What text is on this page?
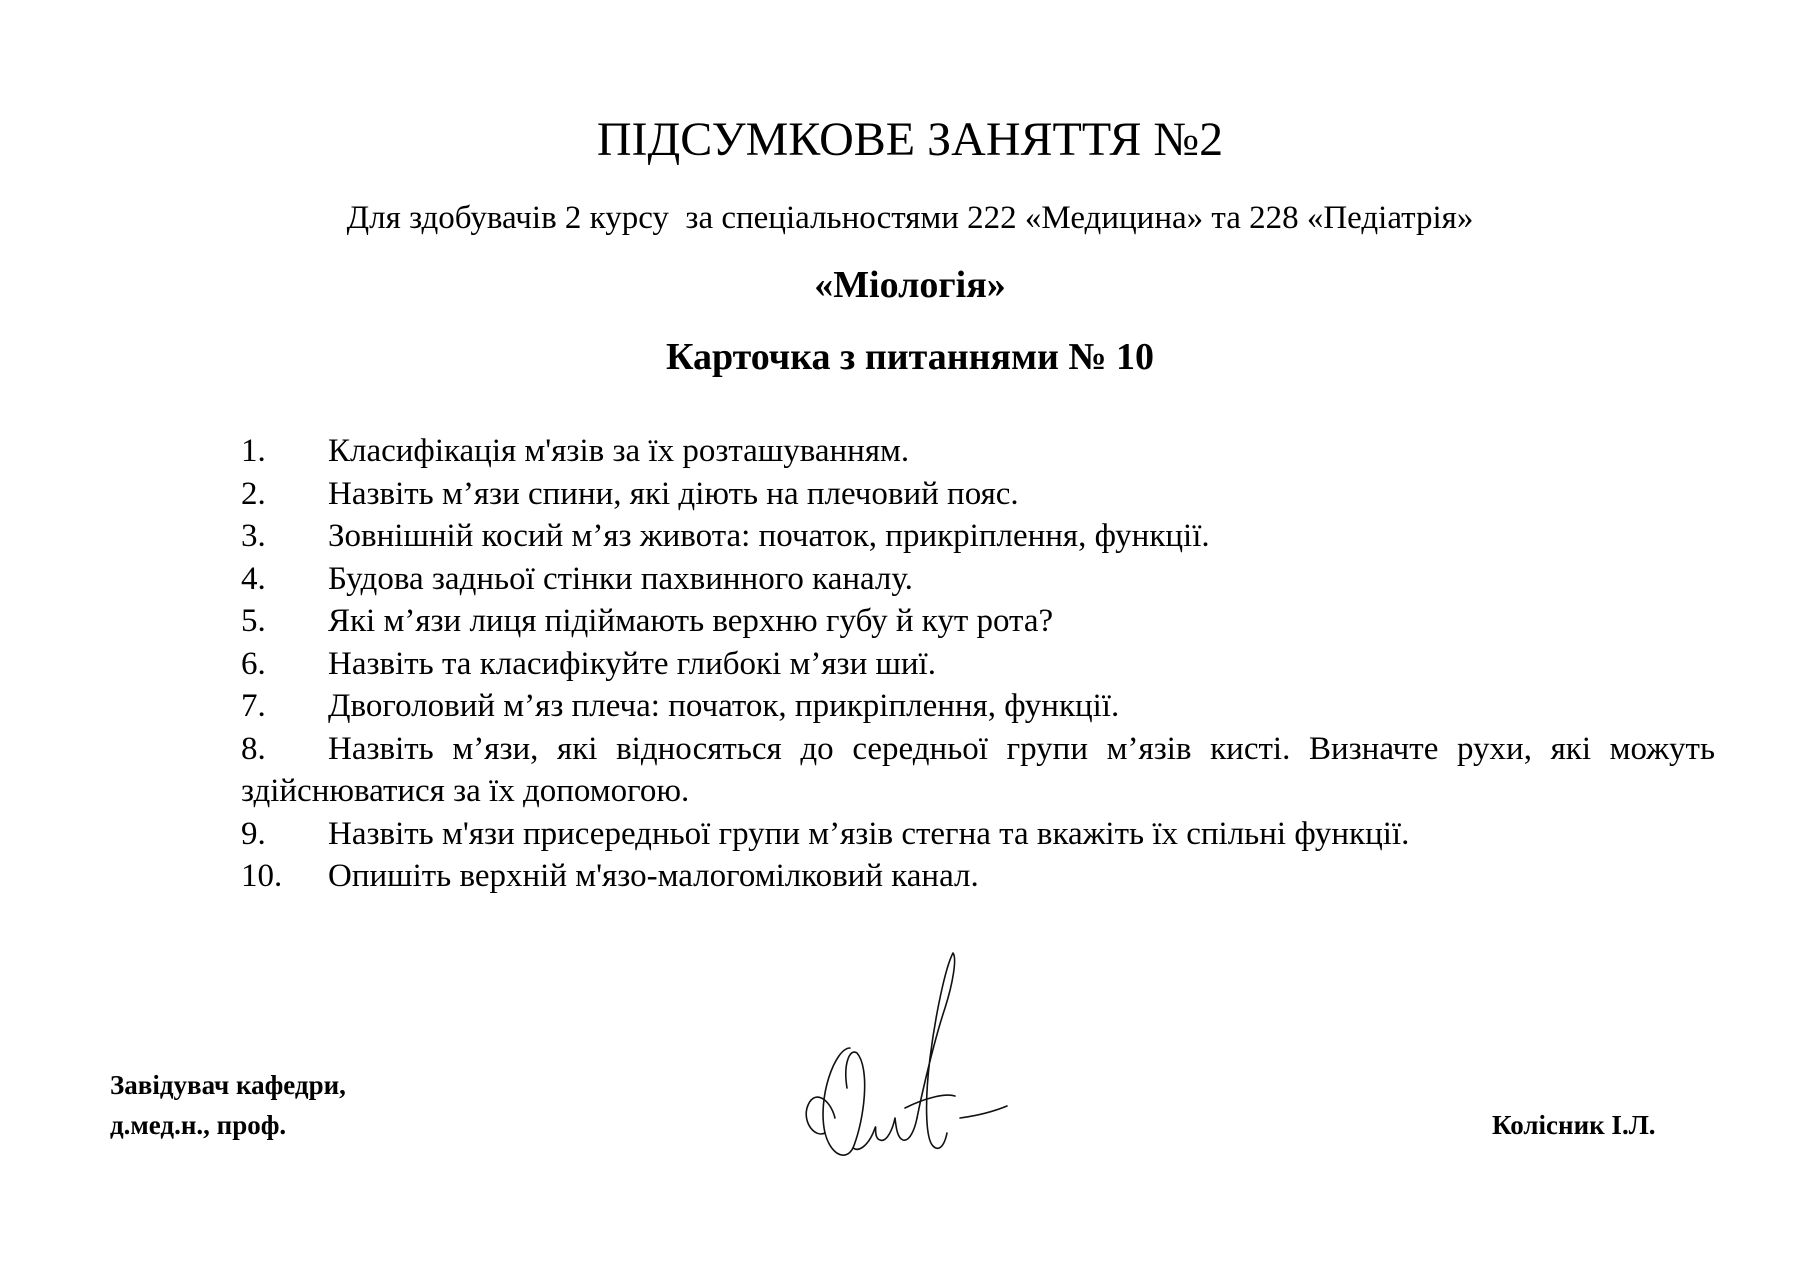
ПІДСУМКОВЕ ЗАНЯТТЯ №2
Для здобувачів 2 курсу  за спеціальностями 222 «Медицина» та 228 «Педіатрія»
«Міологія»
Карточка з питаннями № 10
1. Класифікація м'язів за їх розташуванням.
2. Назвіть м’язи спини, які діють на плечовий пояс.
3. Зовнішній косий м’яз живота: початок, прикріплення, функції.
4. Будова задньої стінки пахвинного каналу.
5. Які м’язи лиця підіймають верхню губу й кут рота?
6. Назвіть та класифікуйте глибокі м’язи шиї.
7. Двоголовий м’яз плеча: початок, прикріплення, функції.
8. Назвіть м’язи, які відносяться до середньої групи м’язів кисті. Визначте рухи, які можуть здійснюватися за їх допомогою.
9. Назвіть м'язи присередньої групи м’язів стегна та вкажіть їх спільні функції.
10. Опишіть верхній м'язо-малогомілковий канал.
Завідувач кафедри,
д.мед.н., проф.	Колісник І.Л.
